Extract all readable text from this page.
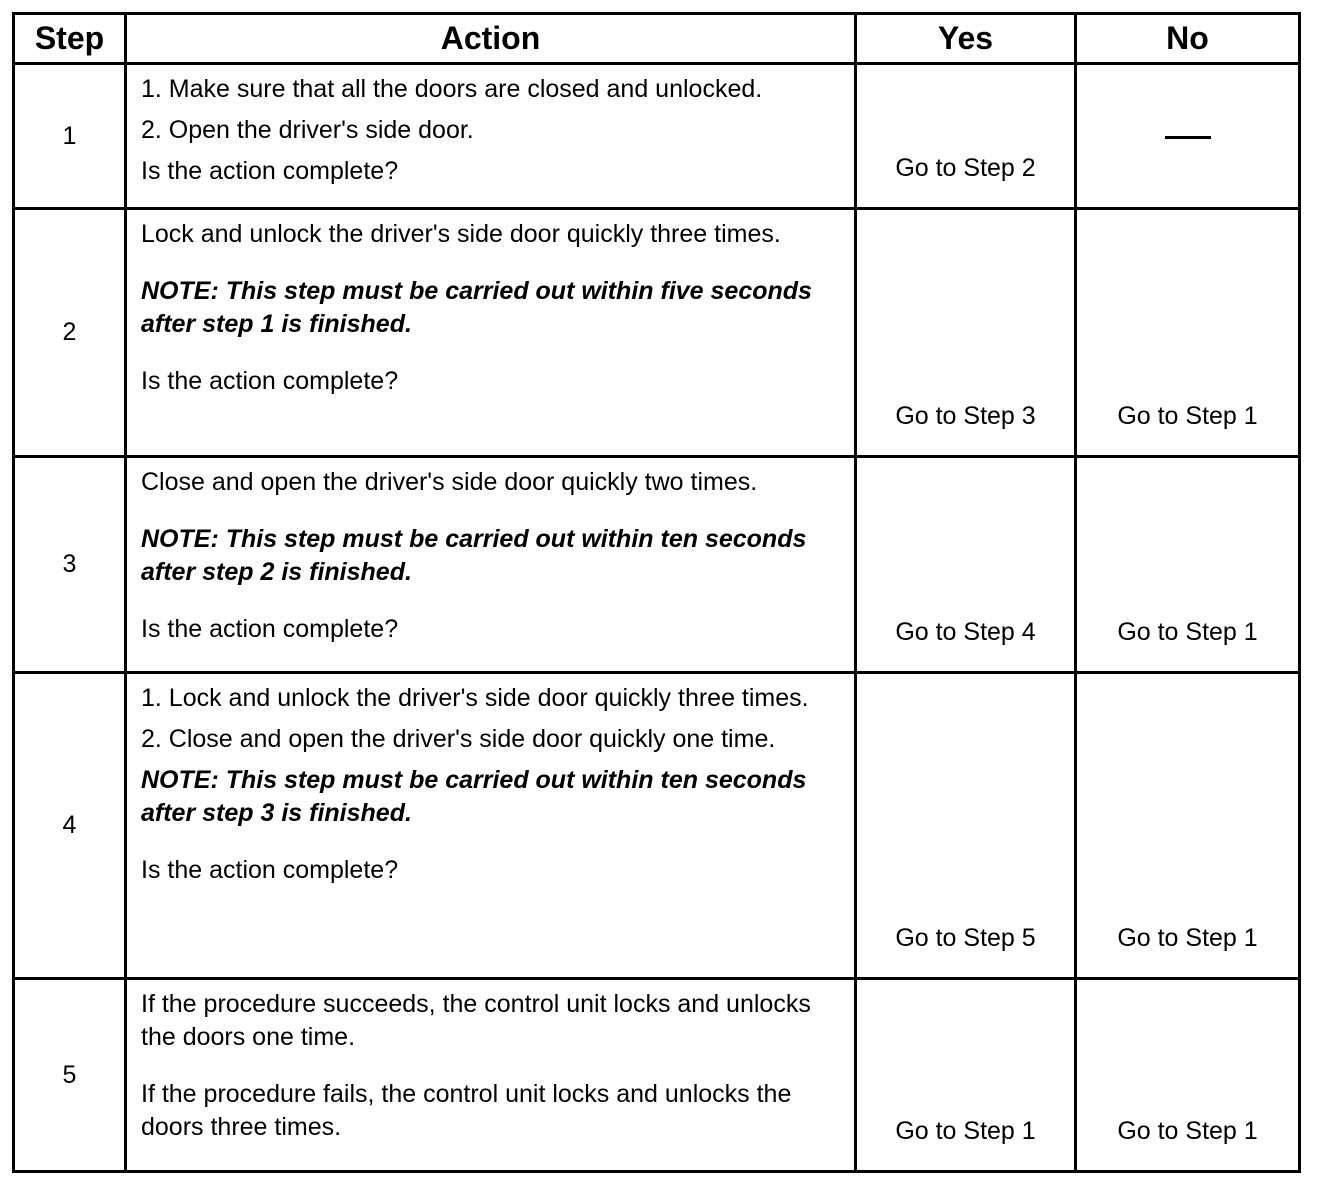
Step	Action	Yes	No
1	1. Make sure that all the doors are closed and unlocked.
2. Open the driver's side door.
Is the action complete?	Go to Step 2	
2	Lock and unlock the driver's side door quickly three times.
NOTE: This step must be carried out within five seconds after step 1 is finished.
Is the action complete?	Go to Step 3	Go to Step 1
3	Close and open the driver's side door quickly two times.
NOTE: This step must be carried out within ten seconds after step 2 is finished.
Is the action complete?	Go to Step 4	Go to Step 1
4	1. Lock and unlock the driver's side door quickly three times.
2. Close and open the driver's side door quickly one time.
NOTE: This step must be carried out within ten seconds after step 3 is finished.
Is the action complete?	Go to Step 5	Go to Step 1
5	If the procedure succeeds, the control unit locks and unlocks the doors one time.
If the procedure fails, the control unit locks and unlocks the doors three times.	Go to Step 1	Go to Step 1
